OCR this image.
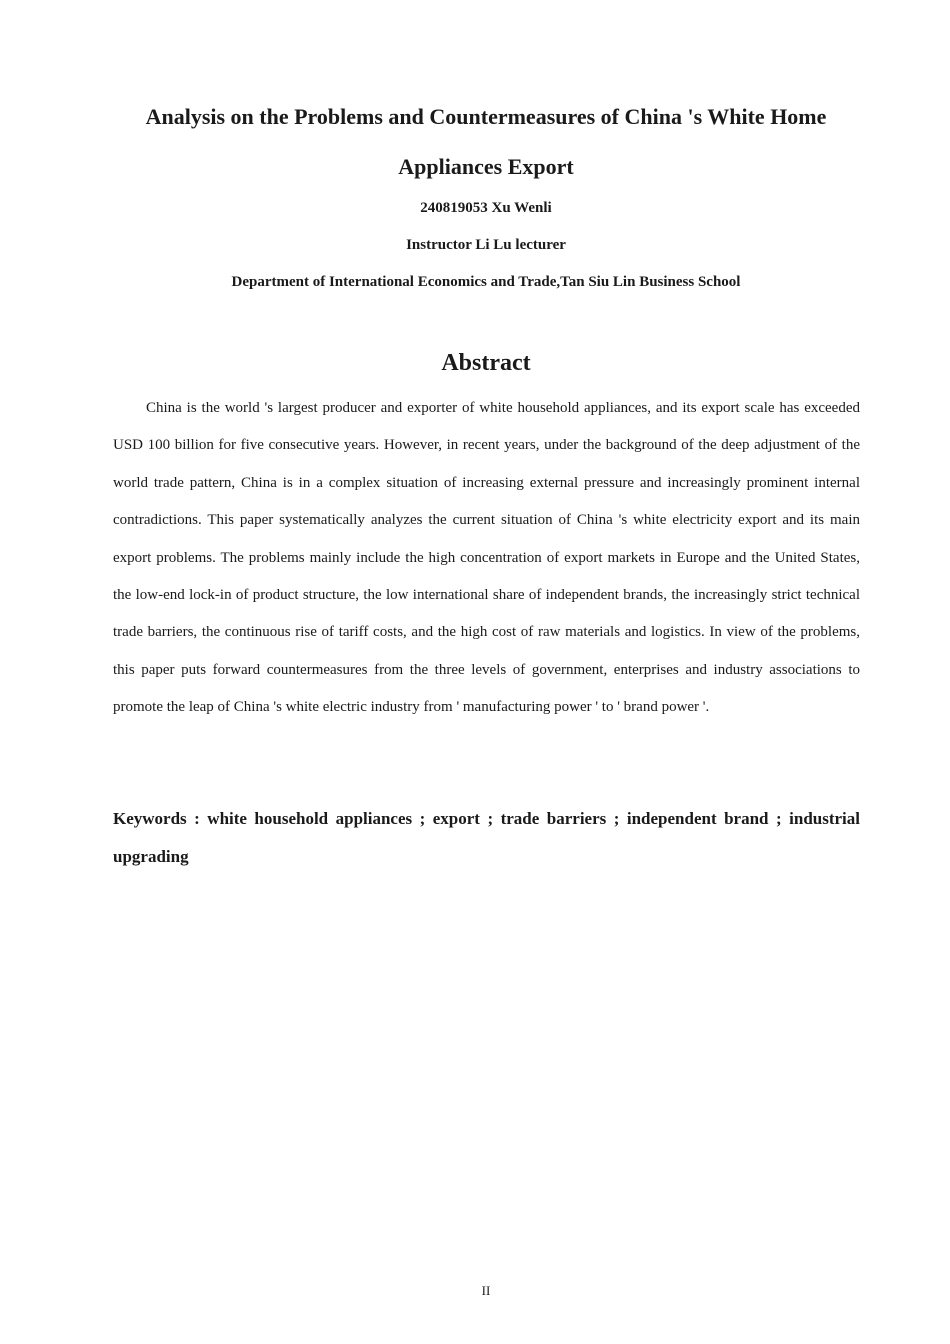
Analysis on the Problems and Countermeasures of China 's White Home Appliances Export

240819053 Xu Wenli

Instructor Li Lu lecturer

Department of International Economics and Trade,Tan Siu Lin Business School

Abstract

China is the world 's largest producer and exporter of white household appliances, and its export scale has exceeded USD 100 billion for five consecutive years. However, in recent years, under the background of the deep adjustment of the world trade pattern, China is in a complex situation of increasing external pressure and increasingly prominent internal contradictions. This paper systematically analyzes the current situation of China 's white electricity export and its main export problems. The problems mainly include the high concentration of export markets in Europe and the United States, the low-end lock-in of product structure, the low international share of independent brands, the increasingly strict technical trade barriers, the continuous rise of tariff costs, and the high cost of raw materials and logistics. In view of the problems, this paper puts forward countermeasures from the three levels of government, enterprises and industry associations to promote the leap of China 's white electric industry from ' manufacturing power ' to ' brand power '.

Keywords : white household appliances ; export ; trade barriers ; independent brand ; industrial upgrading

II
